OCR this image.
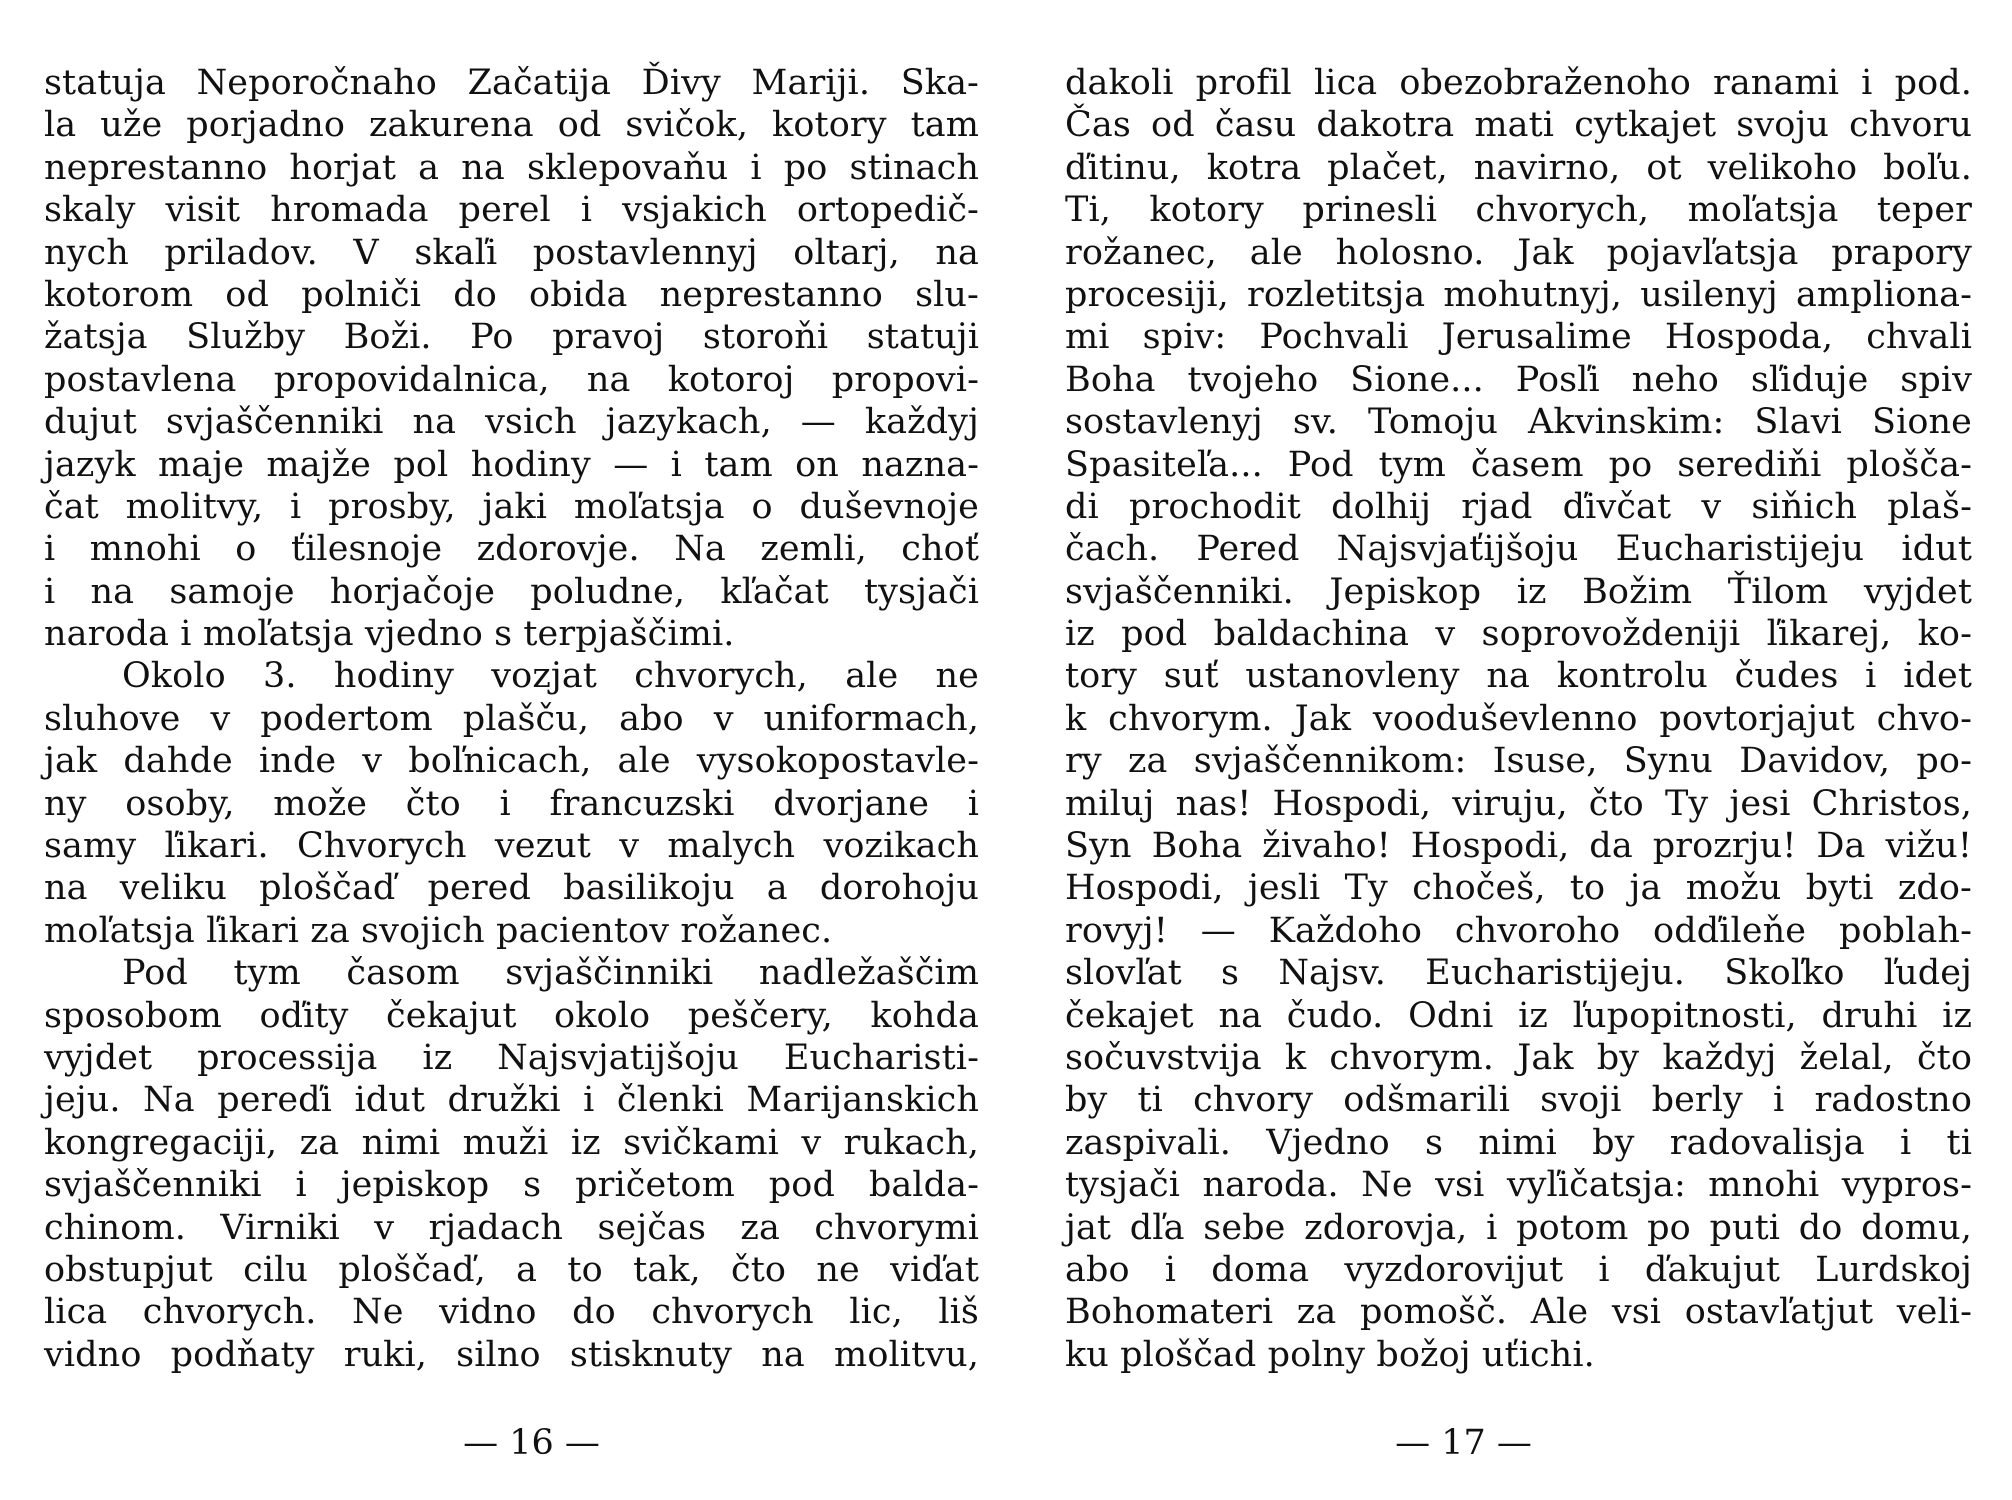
statuja Neporočnaho Začatija Ďivy Mariji. Ska-
la uže porjadno zakurena od svičok, kotory tam
neprestanno horjat a na sklepovaňu i po stinach
skaly visit hromada perel i vsjakich ortopedič-
nych priladov. V skaľi postavlennyj oltarj, na
kotorom od polniči do obida neprestanno slu-
žatsja Služby Boži. Po pravoj storoňi statuji
postavlena propovidalnica, na kotoroj propovi-
dujut svjaščenniki na vsich jazykach, — každyj
jazyk maje majže pol hodiny — i tam on nazna-
čat molitvy, i prosby, jaki moľatsja o duševnoje
i mnohi o ťilesnoje zdorovje. Na zemli, choť
i na samoje horjačoje poludne, kľačat tysjači
naroda i moľatsja vjedno s terpjaščimi.
Okolo 3. hodiny vozjat chvorych, ale ne
sluhove v podertom plašču, abo v uniformach,
jak dahde inde v boľnicach, ale vysokopostavle-
ny osoby, može čto i francuzski dvorjane i
samy ľikari. Chvorych vezut v malych vozikach
na veliku ploščaď pered basilikoju a dorohoju
moľatsja ľikari za svojich pacientov rožanec.
Pod tym časom svjaščinniki nadležaščim
sposobom oďity čekajut okolo peščery, kohda
vyjdet processija iz Najsvjatijšoju Eucharisti-
jeju. Na pereďi idut družki i členki Marijanskich
kongregaciji, za nimi muži iz svičkami v rukach,
svjaščenniki i jepiskop s pričetom pod balda-
chinom. Virniki v rjadach sejčas za chvorymi
obstupjut cilu ploščaď, a to tak, čto ne viďat
lica chvorych. Ne vidno do chvorych lic, liš
vidno podňaty ruki, silno stisknuty na molitvu,
— 16 —
dakoli profil lica obezobraženoho ranami i pod.
Čas od času dakotra mati cytkajet svoju chvoru
ďitinu, kotra plačet, navirno, ot velikoho boľu.
Ti, kotory prinesli chvorych, moľatsja teper
rožanec, ale holosno. Jak pojavľatsja prapory
procesiji, rozletitsja mohutnyj, usilenyj ampliona-
mi spiv: Pochvali Jerusalime Hospoda, chvali
Boha tvojeho Sione... Posľi neho sľiduje spiv
sostavlenyj sv. Tomoju Akvinskim: Slavi Sione
Spasiteľa... Pod tym časem po serediňi plošča-
di prochodit dolhij rjad ďivčat v siňich plaš-
čach. Pered Najsvjaťijšoju Eucharistijeju idut
svjaščenniki. Jepiskop iz Božim Ťilom vyjdet
iz pod baldachina v soprovoždeniji ľikarej, ko-
tory suť ustanovleny na kontrolu čudes i idet
k chvorym. Jak vooduševlenno povtorjajut chvo-
ry za svjaščennikom: Isuse, Synu Davidov, po-
miluj nas! Hospodi, viruju, čto Ty jesi Christos,
Syn Boha živaho! Hospodi, da prozrju! Da vižu!
Hospodi, jesli Ty chočeš, to ja možu byti zdo-
rovyj! — Každoho chvoroho odďileňe poblah-
slovľat s Najsv. Eucharistijeju. Skoľko ľudej
čekajet na čudo. Odni iz ľupopitnosti, druhi iz
sočuvstvija k chvorym. Jak by každyj želal, čto
by ti chvory odšmarili svoji berly i radostno
zaspivali. Vjedno s nimi by radovalisja i ti
tysjači naroda. Ne vsi vyľičatsja: mnohi vypros-
jat dľa sebe zdorovja, i potom po puti do domu,
abo i doma vyzdorovijut i ďakujut Lurdskoj
Bohomateri za pomošč. Ale vsi ostavľatjut veli-
ku ploščad polny božoj uťichi.
— 17 —
